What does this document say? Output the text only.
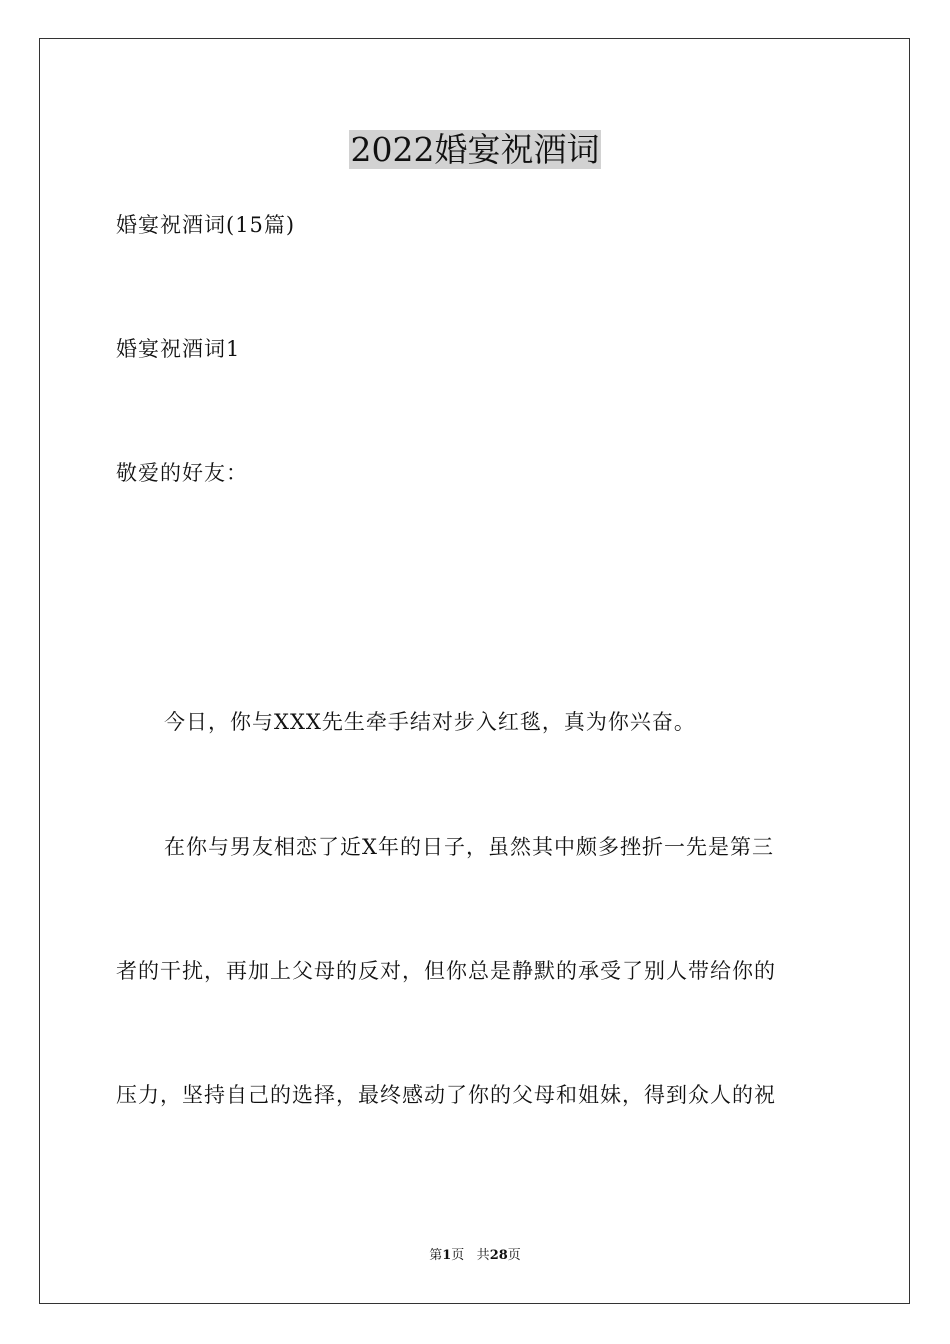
2022婚宴祝酒词
婚宴祝酒词(15篇)
婚宴祝酒词1
敬爱的好友：
今日，你与XXX先生牵手结对步入红毯，真为你兴奋。
在你与男友相恋了近X年的日子，虽然其中颇多挫折一先是第三
者的干扰，再加上父母的反对，但你总是静默的承受了别人带给你的
压力，坚持自己的选择，最终感动了你的父母和姐妹，得到众人的祝
第1页 共28页
